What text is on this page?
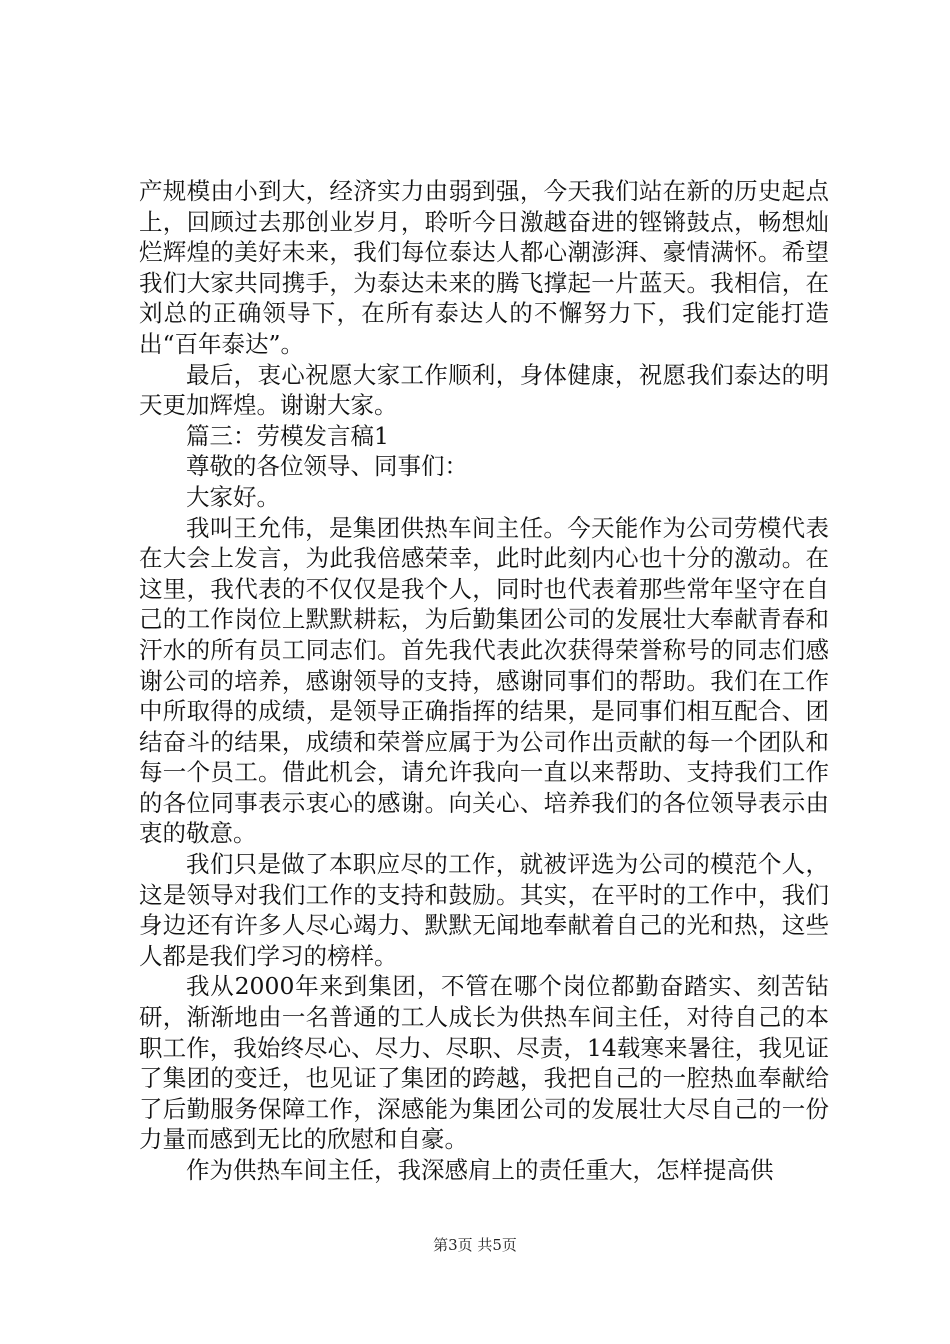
产规模由小到大，经济实力由弱到强，今天我们站在新的历史起点上，回顾过去那创业岁月，聆听今日激越奋进的铿锵鼓点，畅想灿烂辉煌的美好未来，我们每位泰达人都心潮澎湃、豪情满怀。希望我们大家共同携手，为泰达未来的腾飞撑起一片蓝天。我相信，在刘总的正确领导下，在所有泰达人的不懈努力下，我们定能打造出“百年泰达”。

最后，衷心祝愿大家工作顺利，身体健康，祝愿我们泰达的明天更加辉煌。谢谢大家。

篇三：劳模发言稿1

尊敬的各位领导、同事们：

大家好。

我叫王允伟，是集团供热车间主任。今天能作为公司劳模代表在大会上发言，为此我倍感荣幸，此时此刻内心也十分的激动。在这里，我代表的不仅仅是我个人，同时也代表着那些常年坚守在自己的工作岗位上默默耕耘，为后勤集团公司的发展壮大奉献青春和汗水的所有员工同志们。首先我代表此次获得荣誉称号的同志们感谢公司的培养，感谢领导的支持，感谢同事们的帮助。我们在工作中所取得的成绩，是领导正确指挥的结果，是同事们相互配合、团结奋斗的结果，成绩和荣誉应属于为公司作出贡献的每一个团队和每一个员工。借此机会，请允许我向一直以来帮助、支持我们工作的各位同事表示衷心的感谢。向关心、培养我们的各位领导表示由衷的敬意。

我们只是做了本职应尽的工作，就被评选为公司的模范个人，这是领导对我们工作的支持和鼓励。其实，在平时的工作中，我们身边还有许多人尽心竭力、默默无闻地奉献着自己的光和热，这些人都是我们学习的榜样。

我从2000年来到集团，不管在哪个岗位都勤奋踏实、刻苦钻研，渐渐地由一名普通的工人成长为供热车间主任，对待自己的本职工作，我始终尽心、尽力、尽职、尽责，14载寒来暑往，我见证了集团的变迁，也见证了集团的跨越，我把自己的一腔热血奉献给了后勤服务保障工作，深感能为集团公司的发展壮大尽自己的一份力量而感到无比的欣慰和自豪。

作为供热车间主任，我深感肩上的责任重大，怎样提高供

第3页 共5页
